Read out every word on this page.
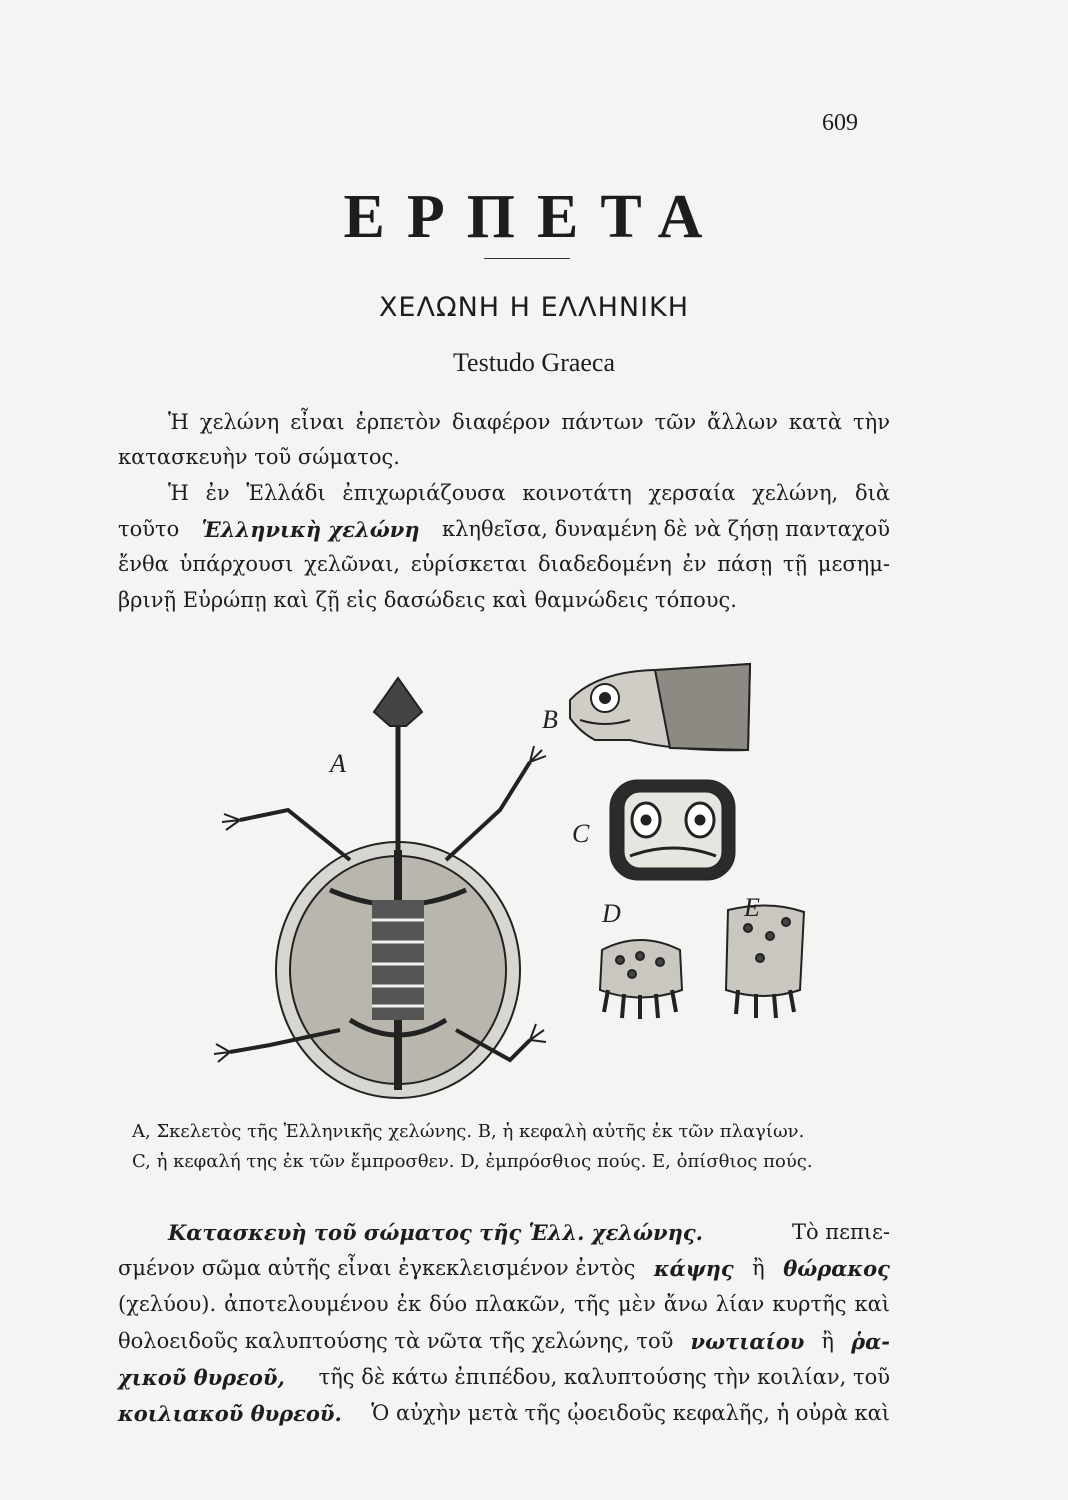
609
ΕΡΠΕΤΑ
ΧΕΛΩΝΗ Η ΕΛΛΗΝΙΚΗ
Testudo Graeca
Ἡ χελώνη εἶναι ἑρπετὸν διαφέρον πάντων τῶν ἄλλων κατὰ τὴν
κατασκευὴν τοῦ σώματος.
Ἡ ἐν Ἑλλάδι ἐπιχωριάζουσα κοινοτάτη χερσαία χελώνη, διὰ
τοῦτο Ἑλληνικὴ χελώνη κληθεῖσα, δυναμένη δὲ νὰ ζήσῃ πανταχοῦ
ἔνθα ὑπάρχουσι χελῶναι, εὑρίσκεται διαδεδομένη ἐν πάσῃ τῇ μεσημ-
βρινῇ Εὐρώπῃ καὶ ζῇ εἰς δασώδεις καὶ θαμνώδεις τόπους.
A
B
C
D	E
A, Σκελετὸς τῆς Ἑλληνικῆς χελώνης. B, ἡ κεφαλὴ αὐτῆς ἐκ τῶν πλαγίων.
C, ἡ κεφαλή της ἐκ τῶν ἔμπροσθεν. D, ἐμπρόσθιος πούς. E, ὀπίσθιος πούς.
Κατασκευὴ τοῦ σώματος τῆς Ἑλλ. χελώνης.	Τὸ πεπιε-
σμένον σῶμα αὐτῆς εἶναι ἐγκεκλεισμένον ἐντὸς κάψης ἢ θώρακος
(χελύου). ἀποτελουμένου ἐκ δύο πλακῶν, τῆς μὲν ἄνω λίαν κυρτῆς καὶ
θολοειδοῦς καλυπτούσης τὰ νῶτα τῆς χελώνης, τοῦ νωτιαίου ἢ ῥα-
χικοῦ θυρεοῦ, τῆς δὲ κάτω ἐπιπέδου, καλυπτούσης τὴν κοιλίαν, τοῦ
κοιλιακοῦ θυρεοῦ. Ὁ αὐχὴν μετὰ τῆς ᾠοειδοῦς κεφαλῆς, ἡ οὐρὰ καὶ
